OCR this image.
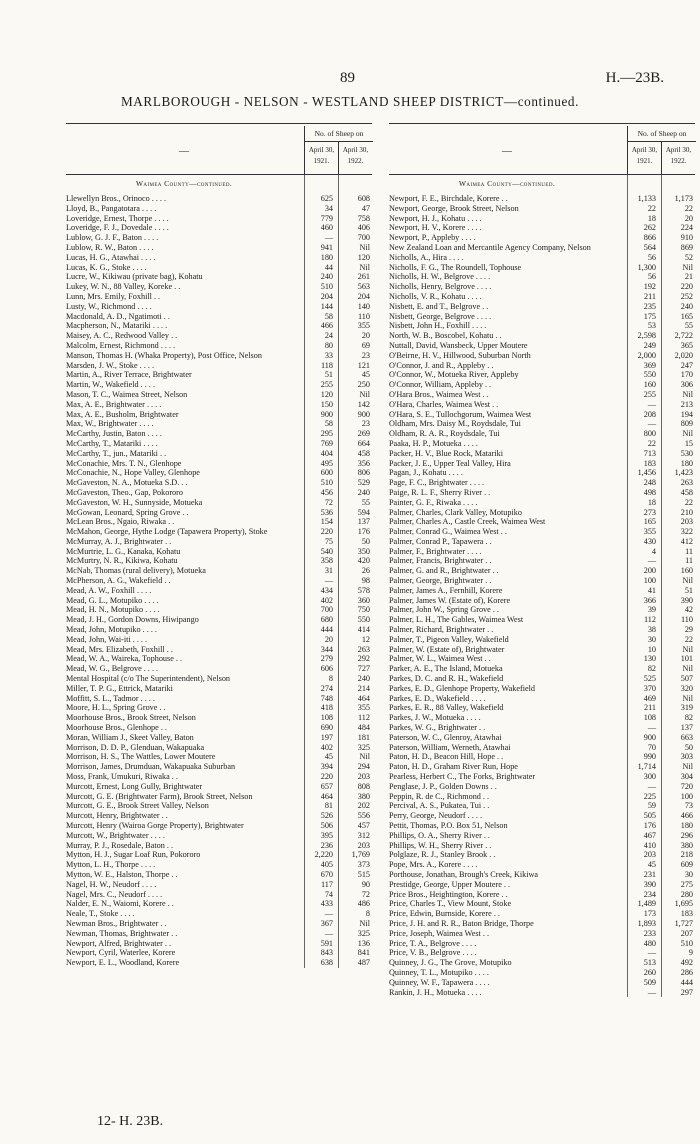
89	H.—23B.
MARLBOROUGH - NELSON - WESTLAND SHEEP DISTRICT—continued.
—
No. of Sheep on
April 30, 1921.
April 30, 1922.
Waimea County—continued.
Llewellyn Bros., Orinoco . . . .	625	608
Lloyd, B., Pangatotara . . . .	34	47
Loveridge, Ernest, Thorpe . . . .	779	758
Loveridge, F. J., Dovedale . . . .	460	406
Lublow, G. J. F., Baton . . . .	—	700
Lublow, R. W., Baton . . . .	941	Nil
Lucas, H. G., Atawhai . . . .	180	120
Lucas, K. G., Stoke . . . .	44	Nil
Lucre, W., Kikiwau (private bag), Kohatu	240	261
Lukey, W. N., 88 Valley, Koreke . .	510	563
Lunn, Mrs. Emily, Foxhill . .	204	204
Lusty, W., Richmond . . . .	144	140
Macdonald, A. D., Ngatimoti . .	58	110
Macpherson, N., Matariki . . . .	466	355
Maisey, A. C., Redwood Valley . .	24	20
Malcolm, Ernest, Richmond . . . .	80	69
Manson, Thomas H. (Whaka Property), Post Office, Nelson	33	23
Marsden, J. W., Stoke . . . .	118	121
Martin, A., River Terrace, Brightwater	51	45
Martin, W., Wakefield . . . .	255	250
Mason, T. C., Waimea Street, Nelson	120	Nil
Max, A. E., Brightwater . . . .	150	142
Max, A. E., Busholm, Brightwater	900	900
Max, W., Brightwater . . . .	58	23
McCarthy, Justin, Baton . . . .	295	269
McCarthy, T., Matariki . . . .	769	664
McCarthy, T., jun., Matariki . .	404	458
McConachie, Mrs. T. N., Glenhope	495	356
McConachie, N., Hope Valley, Glenhope	600	806
McGaveston, N. A., Motueka S.D. . .	510	529
McGaveston, Theo., Gap, Pokororo	456	240
McGaveston, W. H., Sunnyside, Motueka	72	55
McGowan, Leonard, Spring Grove . .	536	594
McLean Bros., Ngaio, Riwaka . .	154	137
McMahon, George, Hythe Lodge (Tapawera Property), Stoke	220	176
McMurray, A. J., Brightwater . .	75	50
McMurtrie, L. G., Kanaka, Kohatu	540	350
McMurtry, N. R., Kikiwa, Kohatu	358	420
McNab, Thomas (rural delivery), Motueka	31	26
McPherson, A. G., Wakefield . .	—	98
Mead, A. W., Foxhill . . . .	434	578
Mead, G. L., Motupiko . . . .	402	360
Mead, H. N., Motupiko . . . .	700	750
Mead, J. H., Gordon Downs, Hiwipango	680	550
Mead, John, Motupiko . . . .	444	414
Mead, John, Wai-iti . . . .	20	12
Mead, Mrs. Elizabeth, Foxhill . .	344	263
Mead, W. A., Waireka, Tophouse . .	279	292
Mead, W. G., Belgrove . . . .	606	727
Mental Hospital (c/o The Superintendent), Nelson	8	240
Miller, T. P. G., Ettrick, Matariki	274	214
Moffitt, S. L., Tadmor . . . .	748	464
Moore, H. L., Spring Grove . .	418	355
Moorhouse Bros., Brook Street, Nelson	108	112
Moorhouse Bros., Glenhope . .	690	484
Moran, William J., Skeet Valley, Baton	197	181
Morrison, D. D. P., Glenduan, Wakapuaka	402	325
Morrison, H. S., The Wattles, Lower Moutere	45	Nil
Morrison, James, Drumduan, Wakapuaka Suburban	394	294
Moss, Frank, Umukuri, Riwaka . .	220	203
Murcott, Ernest, Long Gully, Brightwater	657	808
Murcott, G. E. (Brightwater Farm), Brook Street, Nelson	464	380
Murcott, G. E., Brook Street Valley, Nelson	81	202
Murcott, Henry, Brightwater . .	526	556
Murcott, Henry (Wairoa Gorge Property), Brightwater	506	457
Murcott, W., Brightwater . . . .	395	312
Murray, P. J., Rosedale, Baton . .	236	203
Mytton, H. J., Sugar Loaf Run, Pokororo	2,220	1,769
Mytton, L. H., Thorpe . . . .	405	373
Mytton, W. E., Halston, Thorpe . .	670	515
Nagel, H. W., Neudorf . . . .	117	90
Nagel, Mrs. C., Neudorf . . . .	74	72
Nalder, E. N., Waiomi, Korere . .	433	486
Neale, T., Stoke . . . .	—	8
Newman Bros., Brightwater . .	367	Nil
Newman, Thomas, Brightwater . .	—	325
Newport, Alfred, Brightwater . .	591	136
Newport, Cyril, Waterlee, Korere	843	841
Newport, E. L., Woodland, Korere	638	487
—
No. of Sheep on
April 30, 1921.
April 30, 1922.
Waimea County—continued.
Newport, F. E., Birchdale, Korere . .	1,133	1,173
Newport, George, Brook Street, Nelson	22	22
Newport, H. J., Kohatu . . . .	18	20
Newport, H. V., Korere . . . .	262	224
Newport, P., Appleby . . . .	866	910
New Zealand Loan and Mercantile Agency Company, Nelson	564	869
Nicholls, A., Hira . . . .	56	52
Nicholls, F. G., The Roundell, Tophouse	1,300	Nil
Nicholls, H. W., Belgrove . . . .	56	21
Nicholls, Henry, Belgrove . . . .	192	220
Nicholls, V. R., Kohatu . . . .	211	252
Nisbett, E. and T., Belgrove . .	235	240
Nisbett, George, Belgrove . . . .	175	165
Nisbett, John H., Foxhill . . . .	53	55
North, W. B., Boscobel, Kohatu . .	2,598	2,722
Nuttall, David, Wansbeck, Upper Moutere	249	365
O'Beirne, H. V., Hillwood, Suburban North	2,000	2,020
O'Connor, J. and R., Appleby . .	369	247
O'Connor, W., Motueka River, Appleby	550	170
O'Connor, William, Appleby . .	160	306
O'Hara Bros., Waimea West . .	255	Nil
O'Hara, Charles, Waimea West . .	—	213
O'Hara, S. E., Tullochgorum, Waimea West	208	194
Oldham, Mrs. Daisy M., Roydsdale, Tui	—	809
Oldham, R. A. R., Roydsdale, Tui	800	Nil
Paaka, H. P., Motueka . . . .	22	15
Packer, H. V., Blue Rock, Matariki	713	530
Packer, J. E., Upper Teal Valley, Hira	183	180
Pagan, J., Kohatu . . . .	1,456	1,423
Page, F. C., Brightwater . . . .	248	263
Paige, R. L. F., Sherry River . .	498	458
Painter, G. F., Riwaka . . . .	18	22
Palmer, Charles, Clark Valley, Motupiko	273	210
Palmer, Charles A., Castle Creek, Waimea West	165	203
Palmer, Conrad G., Waimea West . .	355	322
Palmer, Conrad P., Tapawera . .	430	412
Palmer, F., Brightwater . . . .	4	11
Palmer, Francis, Brightwater . .	—	11
Palmer, G. and R., Brightwater . .	200	160
Palmer, George, Brightwater . .	100	Nil
Palmer, James A., Fernhill, Korere	41	51
Palmer, James W. (Estate of), Korere	366	390
Palmer, John W., Spring Grove . .	39	42
Palmer, L. H., The Gables, Waimea West	112	110
Palmer, Richard, Brightwater . .	38	29
Palmer, T., Pigeon Valley, Wakefield	30	22
Palmer, W. (Estate of), Brightwater	10	Nil
Palmer, W. L., Waimea West . .	130	101
Parker, A. E., The Island, Motueka	82	Nil
Parkes, D. C. and R. H., Wakefield	525	507
Parkes, E. D., Glenhope Property, Wakefield	370	320
Parkes, E. D., Wakefield . . . .	469	Nil
Parkes, E. R., 88 Valley, Wakefield	211	319
Parkes, J. W., Motueka . . . .	108	82
Parkes, W. G., Brightwater . .	—	137
Paterson, W. C., Glenroy, Atawhai	900	663
Paterson, William, Werneth, Atawhai	70	50
Paton, H. D., Beacon Hill, Hope . .	990	303
Paton, H. D., Graham River Run, Hope	1,714	Nil
Pearless, Herbert C., The Forks, Brightwater	300	304
Penglase, J. P., Golden Downs . .	—	720
Peppin, R. de C., Richmond . .	225	100
Percival, A. S., Pukatea, Tui . .	59	73
Perry, George, Neudorf . . . .	505	466
Pettit, Thomas, P.O. Box 51, Nelson	176	180
Phillips, O. A., Sherry River . .	467	296
Phillips, W. H., Sherry River . .	410	380
Polglaze, R. J., Stanley Brook . .	203	218
Pope, Mrs. A., Korere . . . .	45	609
Porthouse, Jonathan, Brough's Creek, Kikiwa	231	30
Prestidge, George, Upper Moutere . .	390	275
Price Bros., Heightington, Korere . .	234	280
Price, Charles T., View Mount, Stoke	1,489	1,695
Price, Edwin, Burnside, Korere . .	173	183
Price, J. H. and R. R., Baton Bridge, Thorpe	1,893	1,727
Price, Joseph, Waimea West . .	233	207
Price, T. A., Belgrove . . . .	480	510
Price, V. B., Belgrove . . . .	—	9
Quinney, J. G., The Grove, Motupiko	513	492
Quinney, T. L., Motupiko . . . .	260	286
Quinney, W. F., Tapawera . . . .	509	444
Rankin, J. H., Motueka . . . .	—	297
12- H. 23B.
